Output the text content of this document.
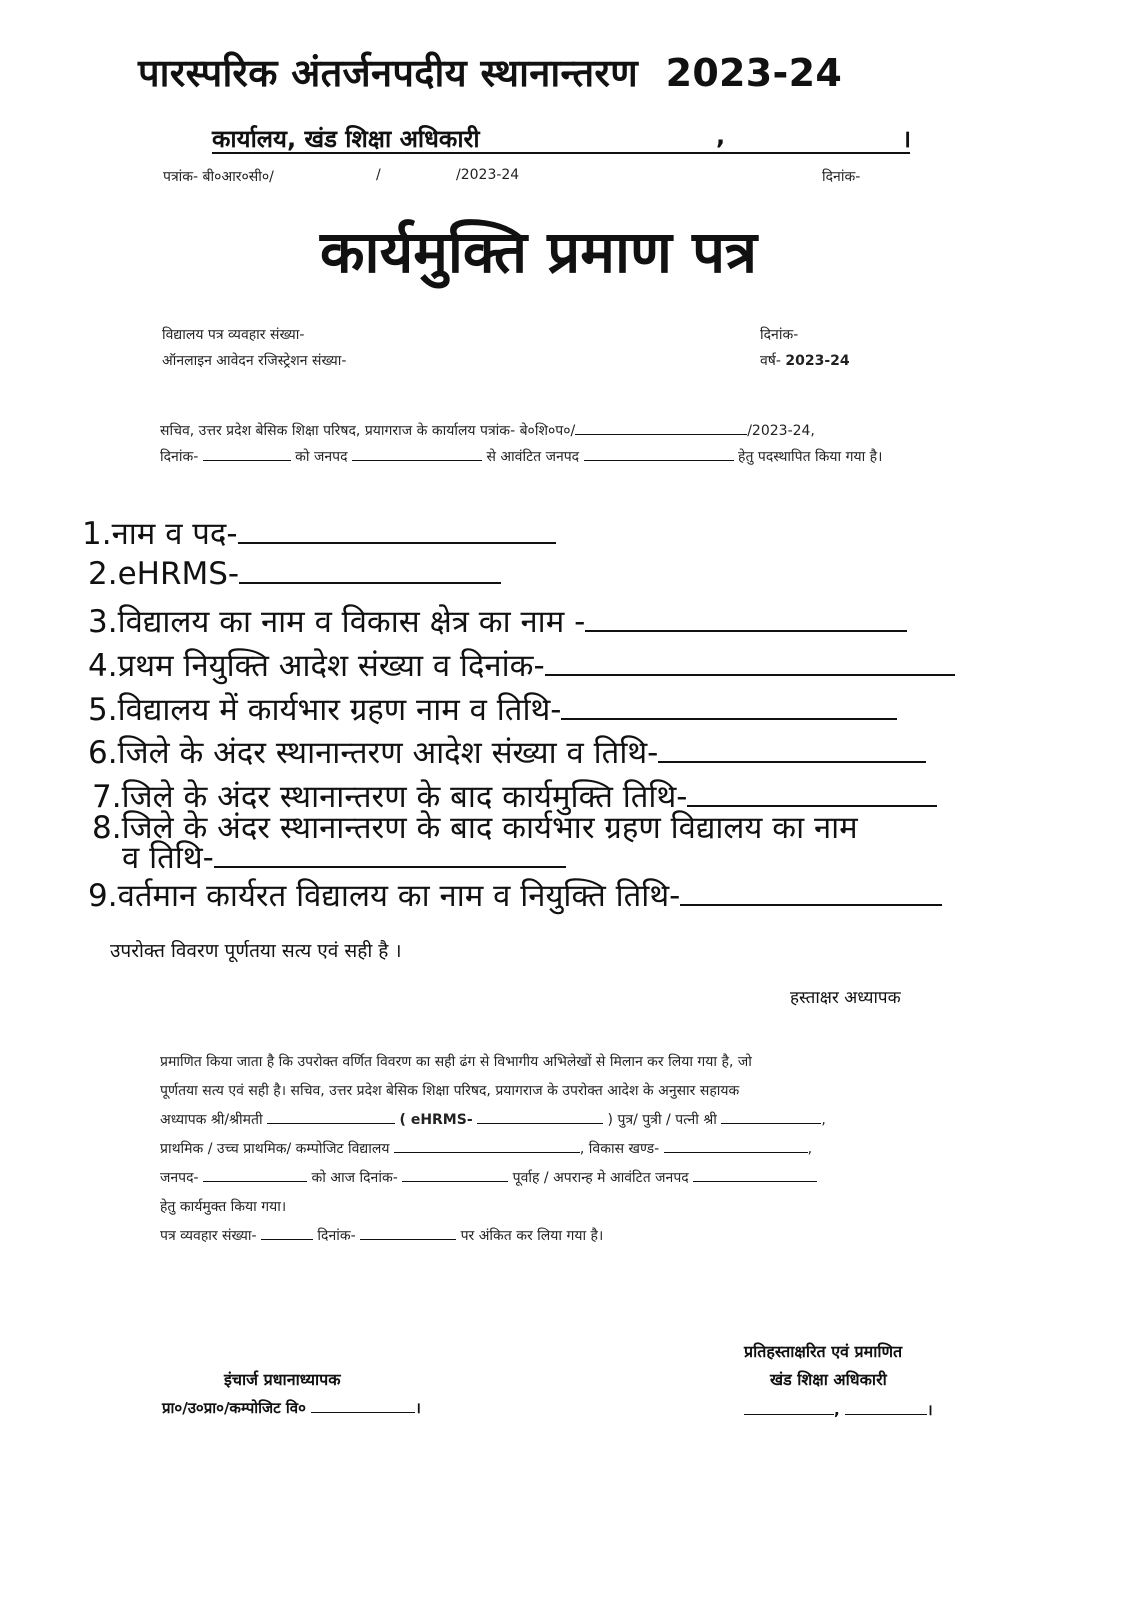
पारस्परिक अंतर्जनपदीय स्थानान्तरण 2023-24
कार्यालय, खंड शिक्षा अधिकारी	,	।
पत्रांक- बी०आर०सी०/	/	/2023-24	दिनांक-
कार्यमुक्ति प्रमाण पत्र
विद्यालय पत्र व्यवहार संख्या-
ऑनलाइन आवेदन रजिस्ट्रेशन संख्या-
दिनांक-
वर्ष- 2023-24
सचिव, उत्तर प्रदेश बेसिक शिक्षा परिषद, प्रयागराज के कार्यालय पत्रांक- बे०शि०प०/	/2023-24,
दिनांक-	को जनपद	से आवंटित जनपद	हेतु पदस्थापित किया गया है।
1.नाम व पद-
2.eHRMS-
3.विद्यालय का नाम व विकास क्षेत्र का नाम -
4.प्रथम नियुक्ति आदेश संख्या व दिनांक-
5.विद्यालय में कार्यभार ग्रहण नाम व तिथि-
6.जिले के अंदर स्थानान्तरण आदेश संख्या व तिथि-
7.जिले के अंदर स्थानान्तरण के बाद कार्यमुक्ति तिथि-
8.जिले के अंदर स्थानान्तरण के बाद कार्यभार ग्रहण विद्यालय का नाम
व तिथि-
9.वर्तमान कार्यरत विद्यालय का नाम व नियुक्ति तिथि-
उपरोक्त विवरण पूर्णतया सत्य एवं सही है ।
हस्ताक्षर अध्यापक
प्रमाणित किया जाता है कि उपरोक्त वर्णित विवरण का सही ढंग से विभागीय अभिलेखों से मिलान कर लिया गया है, जो
पूर्णतया सत्य एवं सही है। सचिव, उत्तर प्रदेश बेसिक शिक्षा परिषद, प्रयागराज के उपरोक्त आदेश के अनुसार सहायक
अध्यापक श्री/श्रीमती	( eHRMS-	) पुत्र/ पुत्री / पत्नी श्री	,
प्राथमिक / उच्च प्राथमिक/ कम्पोजिट विद्यालय	, विकास खण्ड-	,
जनपद-	को आज दिनांक-	पूर्वाह / अपरान्ह मे आवंटित जनपद
हेतु कार्यमुक्त किया गया।
पत्र व्यवहार संख्या-	दिनांक-	पर अंकित कर लिया गया है।
इंचार्ज प्रधानाध्यापक
प्रा०/उ०प्रा०/कम्पोजिट वि०	।
प्रतिहस्ताक्षरित एवं प्रमाणित
खंड शिक्षा अधिकारी
,	।
